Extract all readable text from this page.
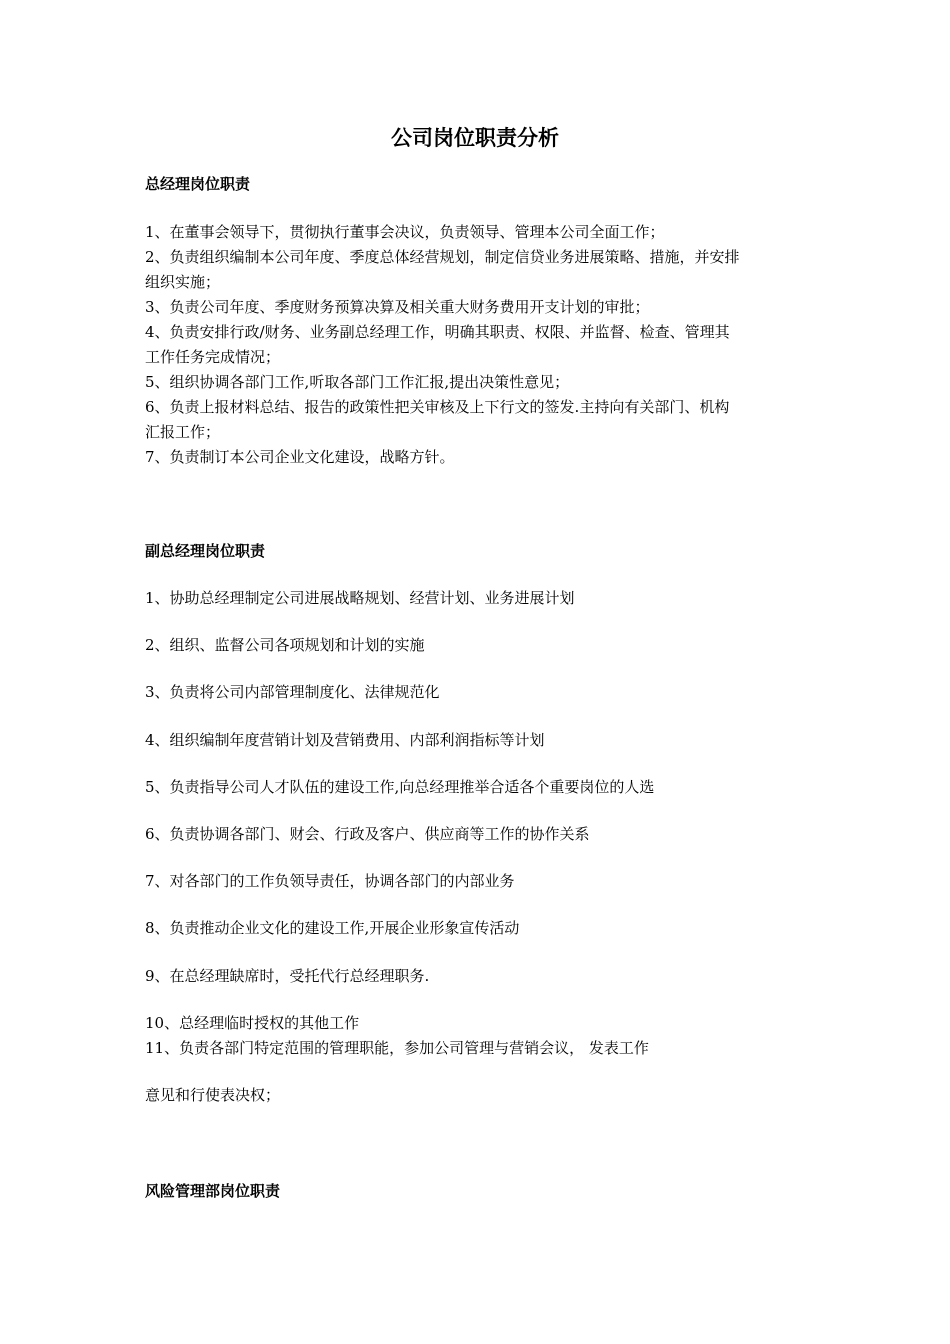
公司岗位职责分析
总经理岗位职责
1、在董事会领导下，贯彻执行董事会决议，负责领导、管理本公司全面工作；
2、负责组织编制本公司年度、季度总体经营规划，制定信贷业务进展策略、措施，并安排
组织实施；
3、负责公司年度、季度财务预算决算及相关重大财务费用开支计划的审批；
4、负责安排行政/财务、业务副总经理工作，明确其职责、权限、并监督、检查、管理其
工作任务完成情况；
5、组织协调各部门工作,听取各部门工作汇报,提出决策性意见；
6、负责上报材料总结、报告的政策性把关审核及上下行文的签发.主持向有关部门、机构
汇报工作；
7、负责制订本公司企业文化建设，战略方针。
副总经理岗位职责
1、协助总经理制定公司进展战略规划、经营计划、业务进展计划
2、组织、监督公司各项规划和计划的实施
3、负责将公司内部管理制度化、法律规范化
4、组织编制年度营销计划及营销费用、内部利润指标等计划
5、负责指导公司人才队伍的建设工作,向总经理推举合适各个重要岗位的人选
6、负责协调各部门、财会、行政及客户、供应商等工作的协作关系
7、对各部门的工作负领导责任，协调各部门的内部业务
8、负责推动企业文化的建设工作,开展企业形象宣传活动
9、在总经理缺席时，受托代行总经理职务.
10、总经理临时授权的其他工作
11、负责各部门特定范围的管理职能，参加公司管理与营销会议， 发表工作
意见和行使表决权；
风险管理部岗位职责
